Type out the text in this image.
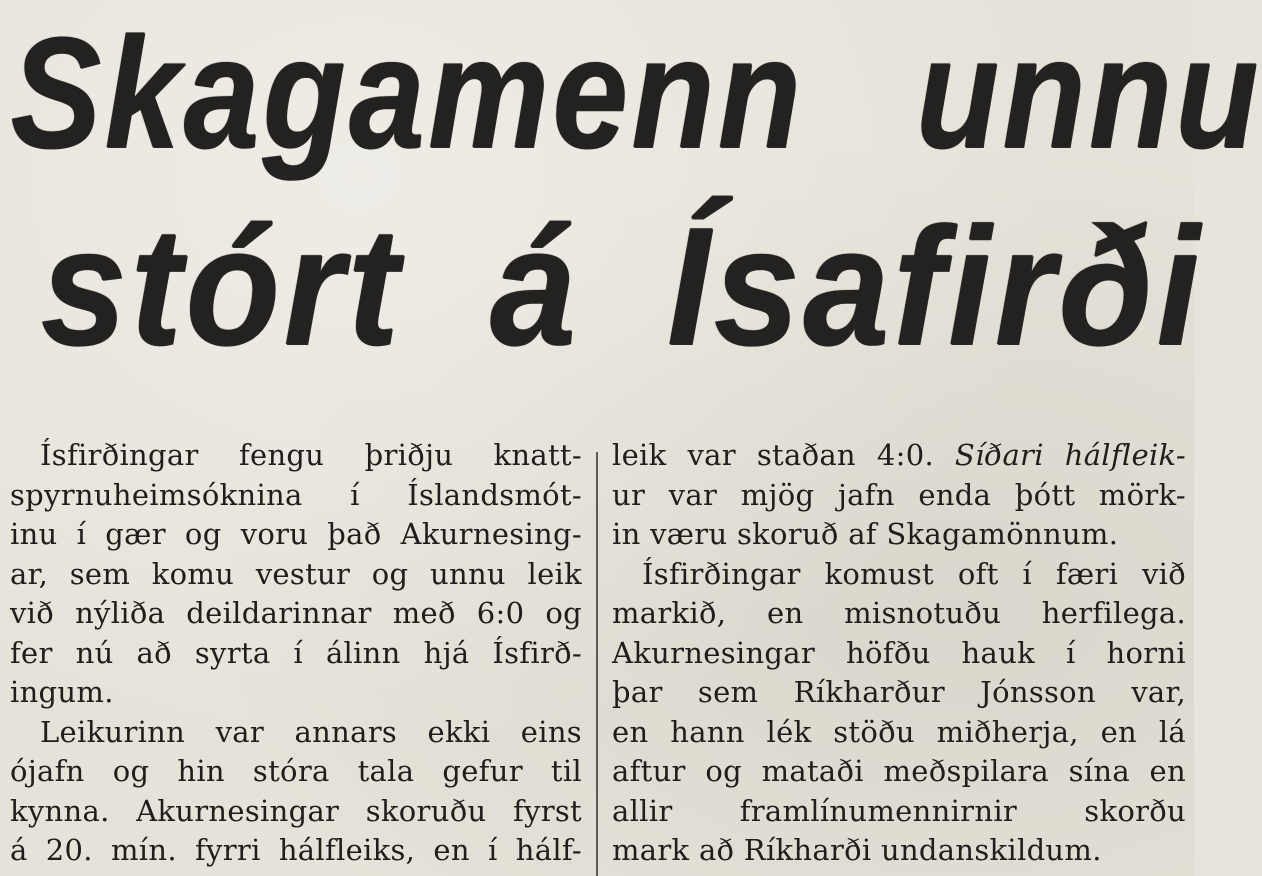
Skagamenn unnu
stórt á Ísafirði
Ísfirðingar fengu þriðju knatt-
spyrnuheimsóknina í Íslandsmót-
inu í gær og voru það Akurnesing-
ar, sem komu vestur og unnu leik
við nýliða deildarinnar með 6:0 og
fer nú að syrta í álinn hjá Ísfirð-
ingum.
Leikurinn var annars ekki eins
ójafn og hin stóra tala gefur til
kynna. Akurnesingar skoruðu fyrst
á 20. mín. fyrri hálfleiks, en í hálf-
leik var staðan 4:0. Síðari hálfleik-
ur var mjög jafn enda þótt mörk-
in væru skoruð af Skagamönnum.
Ísfirðingar komust oft í færi við
markið, en misnotuðu herfilega.
Akurnesingar höfðu hauk í horni
þar sem Ríkharður Jónsson var,
en hann lék stöðu miðherja, en lá
aftur og mataði meðspilara sína en
allir framlínumennirnir skorðu
mark að Ríkharði undanskildum.
